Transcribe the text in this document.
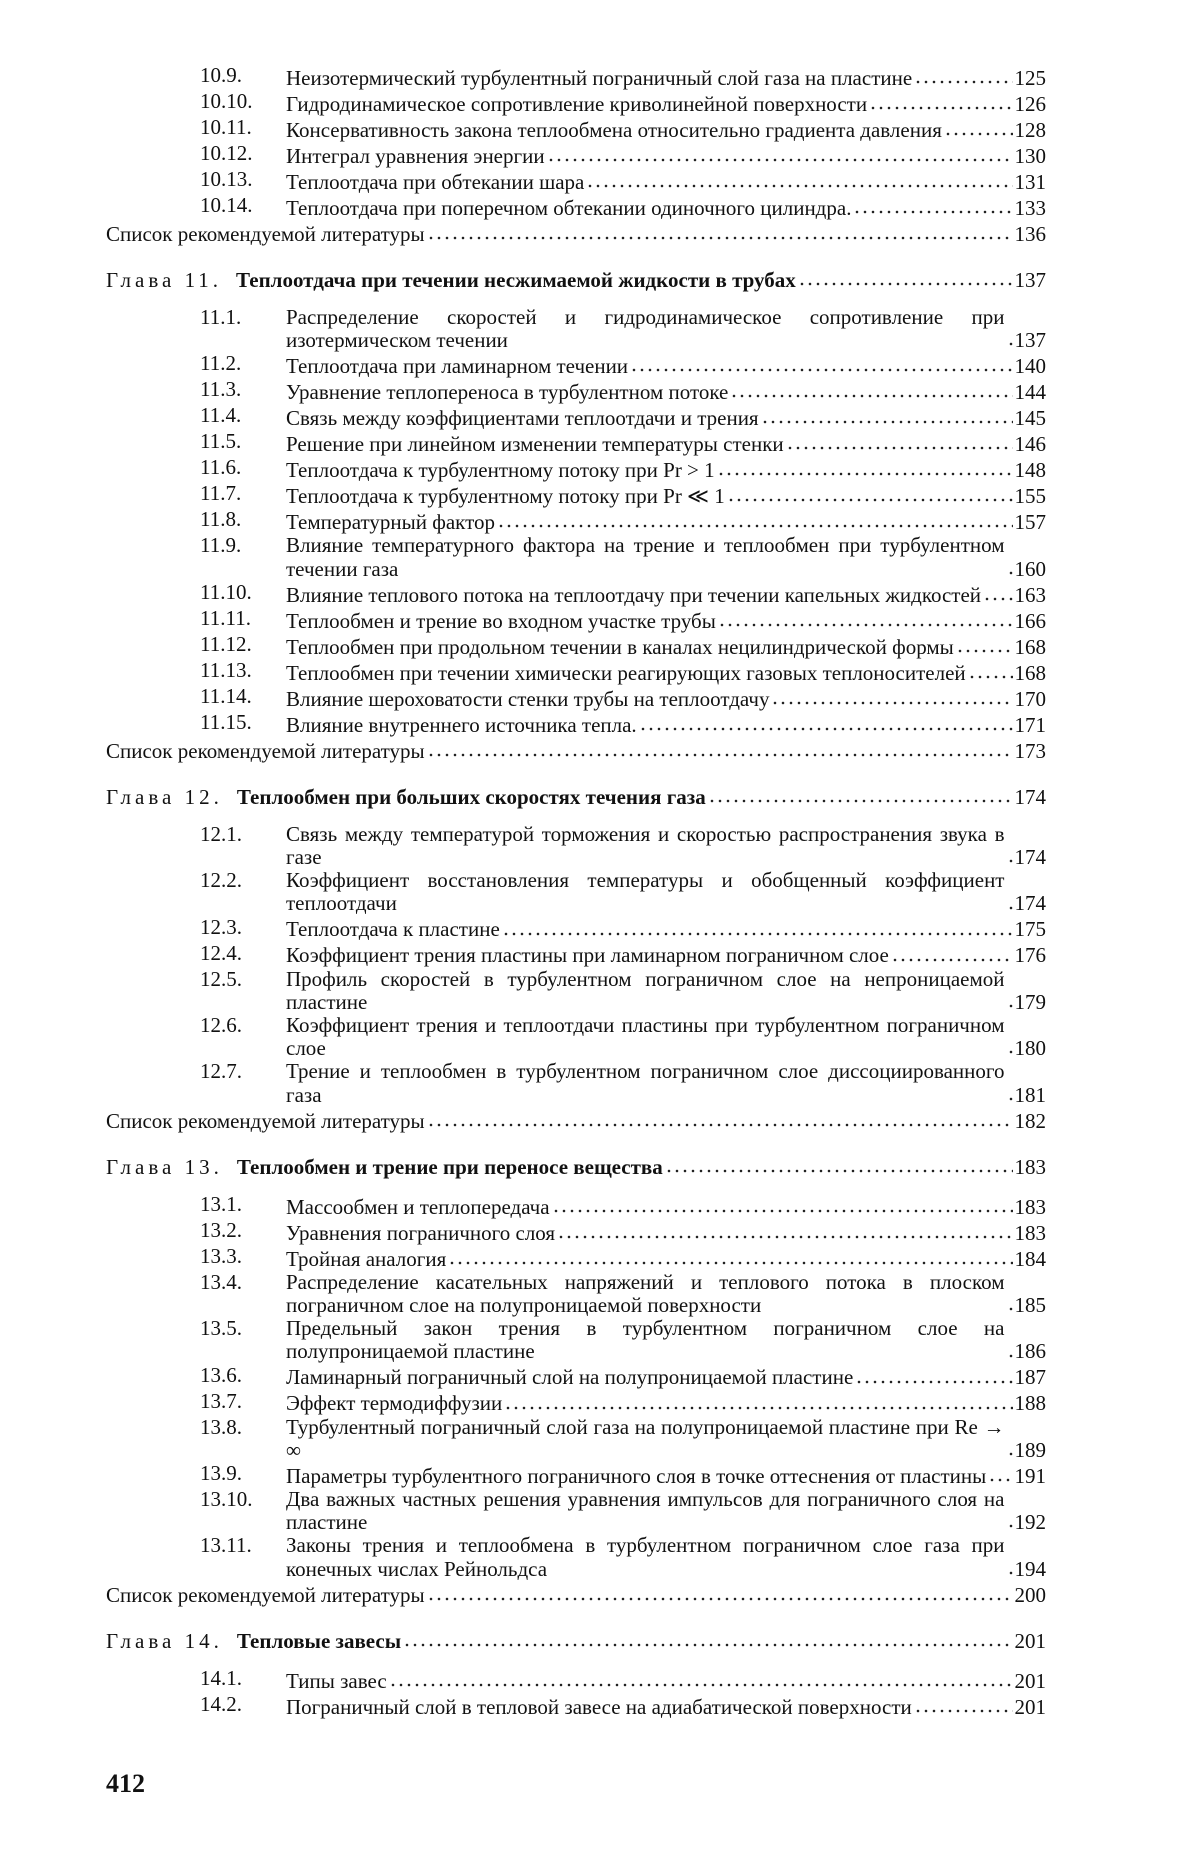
10.9. Неизотермический турбулентный пограничный слой газа на пластине	125
10.10. Гидродинамическое сопротивление криволинейной поверхности	126
10.11. Консервативность закона теплообмена относительно градиента давления	128
10.12. Интеграл уравнения энергии	130
10.13. Теплоотдача при обтекании шара	131
10.14. Теплоотдача при поперечном обтекании одиночного цилиндра.	133
Список рекомендуемой литературы	136
Глава 11. Теплоотдача при течении несжимаемой жидкости в трубах	137
11.1. Распределение скоростей и гидродинамическое сопротивление при изотермическом течении	137
11.2. Теплоотдача при ламинарном течении	140
11.3. Уравнение теплопереноса в турбулентном потоке	144
11.4. Связь между коэффициентами теплоотдачи и трения	145
11.5. Решение при линейном изменении температуры стенки	146
11.6. Теплоотдача к турбулентному потоку при Pr > 1	148
11.7. Теплоотдача к турбулентному потоку при Pr ≪ 1	155
11.8. Температурный фактор	157
11.9. Влияние температурного фактора на трение и теплообмен при турбулентном течении газа	160
11.10. Влияние теплового потока на теплоотдачу при течении капельных жидкостей 163
11.11. Теплообмен и трение во входном участке трубы	166
11.12. Теплообмен при продольном течении в каналах нецилиндрической формы	168
11.13. Теплообмен при течении химически реагирующих газовых теплоносителей 168
11.14. Влияние шероховатости стенки трубы на теплоотдачу	170
11.15. Влияние внутреннего источника тепла.	171
Список рекомендуемой литературы	173
Глава 12. Теплообмен при больших скоростях течения газа	174
12.1. Связь между температурой торможения и скоростью распространения звука в газе	174
12.2. Коэффициент восстановления температуры и обобщенный коэффициент теплоотдачи	174
12.3. Теплоотдача к пластине	175
12.4. Коэффициент трения пластины при ламинарном пограничном слое	176
12.5. Профиль скоростей в турбулентном пограничном слое на непроницаемой пластине	179
12.6. Коэффициент трения и теплоотдачи пластины при турбулентном пограничном слое	180
12.7. Трение и теплообмен в турбулентном пограничном слое диссоциированного газа	181
Список рекомендуемой литературы	182
Глава 13. Теплообмен и трение при переносе вещества	183
13.1. Массообмен и теплопередача	183
13.2. Уравнения пограничного слоя	183
13.3. Тройная аналогия	184
13.4. Распределение касательных напряжений и теплового потока в плоском пограничном слое на полупроницаемой поверхности	185
13.5. Предельный закон трения в турбулентном пограничном слое на полупроницаемой пластине	186
13.6. Ламинарный пограничный слой на полупроницаемой пластине	187
13.7. Эффект термодиффузии	188
13.8. Турбулентный пограничный слой газа на полупроницаемой пластине при Re → ∞	189
13.9. Параметры турбулентного пограничного слоя в точке оттеснения от пластины 191
13.10. Два важных частных решения уравнения импульсов для пограничного слоя на пластине	192
13.11. Законы трения и теплообмена в турбулентном пограничном слое газа при конечных числах Рейнольдса	194
Список рекомендуемой литературы	200
Глава 14. Тепловые завесы	201
14.1. Типы завес	201
14.2. Пограничный слой в тепловой завесе на адиабатической поверхности	201
412
